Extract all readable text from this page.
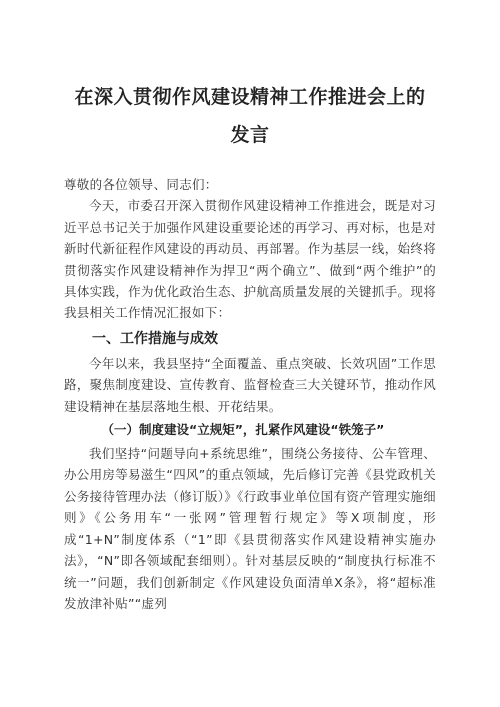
在深入贯彻作风建设精神工作推进会上的
发言

尊敬的各位领导、同志们：

今天，市委召开深入贯彻作风建设精神工作推进会，既是对习近平总书记关于加强作风建设重要论述的再学习、再对标，也是对新时代新征程作风建设的再动员、再部署。作为基层一线，始终将贯彻落实作风建设精神作为捍卫“两个确立”、做到“两个维护”的具体实践，作为优化政治生态、护航高质量发展的关键抓手。现将我县相关工作情况汇报如下：

一、工作措施与成效

今年以来，我县坚持“全面覆盖、重点突破、长效巩固”工作思路，聚焦制度建设、宣传教育、监督检查三大关键环节，推动作风建设精神在基层落地生根、开花结果。

（一）制度建设“立规矩”，扎紧作风建设“铁笼子”

我们坚持“问题导向+系统思维”，围绕公务接待、公车管理、办公用房等易滋生“四风”的重点领域，先后修订完善《县党政机关公务接待管理办法（修订版）》《行政事业单位国有资产管理实施细则》《公务用车“一张网”管理暂行规定》等X项制度，形成“1+N”制度体系（“1”即《县贯彻落实作风建设精神实施办法》，“N”即各领域配套细则）。针对基层反映的“制度执行标准不统一”问题，我们创新制定《作风建设负面清单X条》，将“超标准发放津补贴”“虚列
